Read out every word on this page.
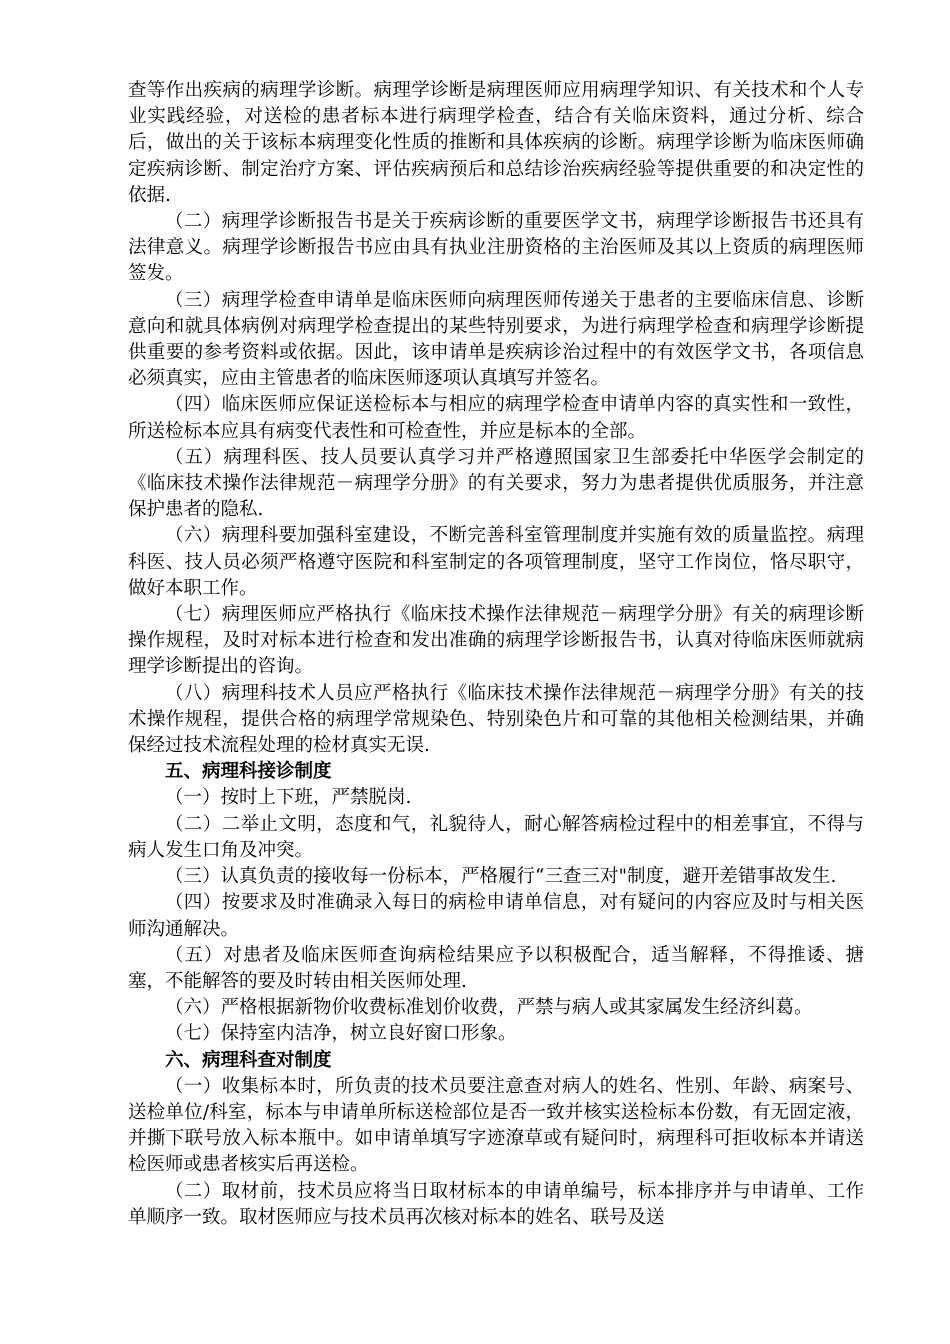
查等作出疾病的病理学诊断。病理学诊断是病理医师应用病理学知识、有关技术和个人专业实践经验，对送检的患者标本进行病理学检查，结合有关临床资料，通过分析、综合后，做出的关于该标本病理变化性质的推断和具体疾病的诊断。病理学诊断为临床医师确定疾病诊断、制定治疗方案、评估疾病预后和总结诊治疾病经验等提供重要的和决定性的依据.

（二）病理学诊断报告书是关于疾病诊断的重要医学文书，病理学诊断报告书还具有法律意义。病理学诊断报告书应由具有执业注册资格的主治医师及其以上资质的病理医师签发。

（三）病理学检查申请单是临床医师向病理医师传递关于患者的主要临床信息、诊断意向和就具体病例对病理学检查提出的某些特别要求，为进行病理学检查和病理学诊断提供重要的参考资料或依据。因此，该申请单是疾病诊治过程中的有效医学文书，各项信息必须真实，应由主管患者的临床医师逐项认真填写并签名。

（四）临床医师应保证送检标本与相应的病理学检查申请单内容的真实性和一致性，所送检标本应具有病变代表性和可检查性，并应是标本的全部。

（五）病理科医、技人员要认真学习并严格遵照国家卫生部委托中华医学会制定的《临床技术操作法律规范－病理学分册》的有关要求，努力为患者提供优质服务，并注意保护患者的隐私.

（六）病理科要加强科室建设，不断完善科室管理制度并实施有效的质量监控。病理科医、技人员必须严格遵守医院和科室制定的各项管理制度，坚守工作岗位，恪尽职守，做好本职工作。

（七）病理医师应严格执行《临床技术操作法律规范－病理学分册》有关的病理诊断操作规程，及时对标本进行检查和发出准确的病理学诊断报告书，认真对待临床医师就病理学诊断提出的咨询。

（八）病理科技术人员应严格执行《临床技术操作法律规范－病理学分册》有关的技术操作规程，提供合格的病理学常规染色、特别染色片和可靠的其他相关检测结果，并确保经过技术流程处理的检材真实无误.

五、病理科接诊制度

（一）按时上下班，严禁脱岗.

（二）二举止文明，态度和气，礼貌待人，耐心解答病检过程中的相差事宜，不得与病人发生口角及冲突。

（三）认真负责的接收每一份标本，严格履行“三查三对"制度，避开差错事故发生.

（四）按要求及时准确录入每日的病检申请单信息，对有疑问的内容应及时与相关医师沟通解决。

（五）对患者及临床医师查询病检结果应予以积极配合，适当解释，不得推诿、搪塞，不能解答的要及时转由相关医师处理.

（六）严格根据新物价收费标准划价收费，严禁与病人或其家属发生经济纠葛。

（七）保持室内洁净，树立良好窗口形象。

六、病理科查对制度

（一）收集标本时，所负责的技术员要注意查对病人的姓名、性别、年龄、病案号、送检单位/科室，标本与申请单所标送检部位是否一致并核实送检标本份数，有无固定液，并撕下联号放入标本瓶中。如申请单填写字迹潦草或有疑问时，病理科可拒收标本并请送检医师或患者核实后再送检。

（二）取材前，技术员应将当日取材标本的申请单编号，标本排序并与申请单、工作单顺序一致。取材医师应与技术员再次核对标本的姓名、联号及送
